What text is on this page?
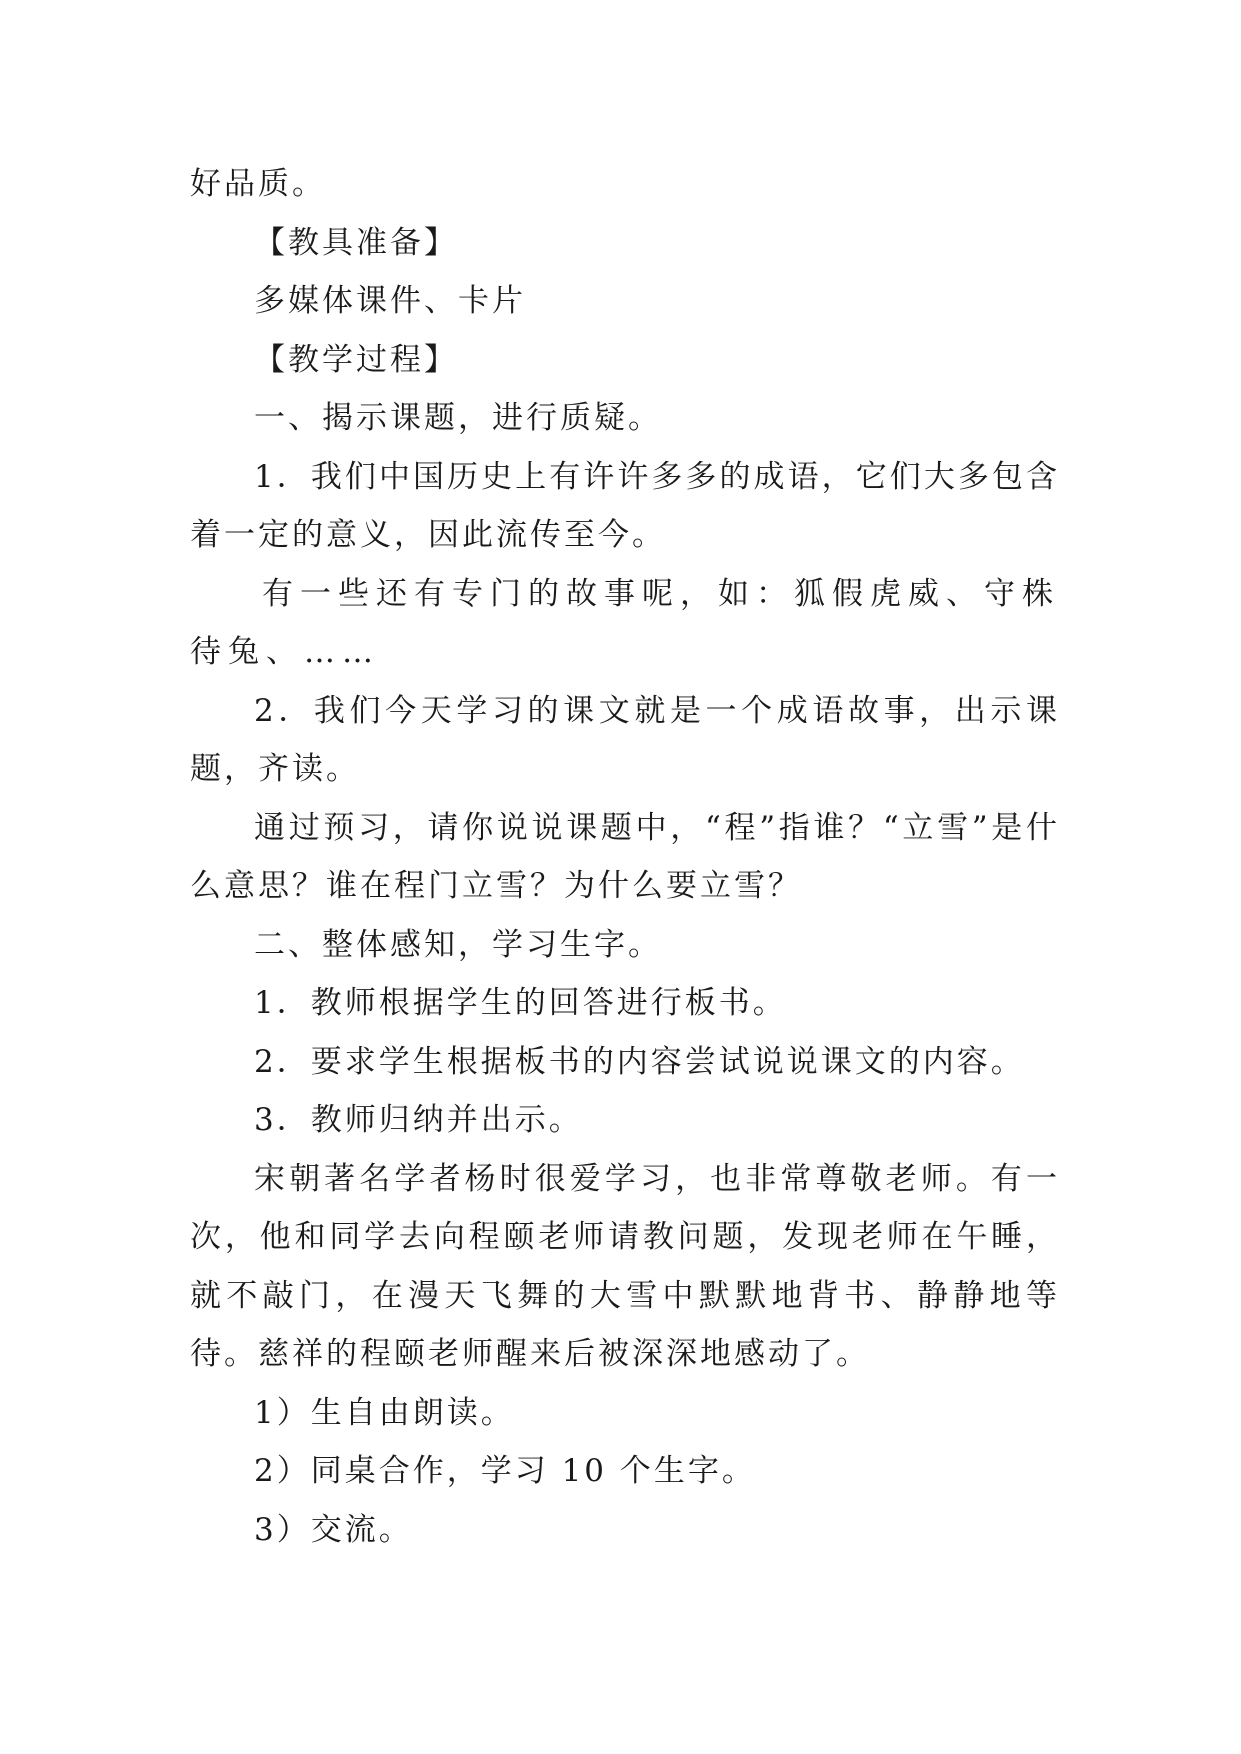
好品质。

【教具准备】

多媒体课件、卡片

【教学过程】

一、揭示课题，进行质疑。

1．我们中国历史上有许许多多的成语，它们大多包含着一定的意义，因此流传至今。

有一些还有专门的故事呢，如：狐假虎威、守株待兔、……

2．我们今天学习的课文就是一个成语故事，出示课题，齐读。

通过预习，请你说说课题中，“程”指谁？“立雪”是什么意思？谁在程门立雪？为什么要立雪？

二、整体感知，学习生字。

1．教师根据学生的回答进行板书。

2．要求学生根据板书的内容尝试说说课文的内容。

3．教师归纳并出示。

宋朝著名学者杨时很爱学习，也非常尊敬老师。有一次，他和同学去向程颐老师请教问题，发现老师在午睡，就不敲门，在漫天飞舞的大雪中默默地背书、静静地等待。慈祥的程颐老师醒来后被深深地感动了。

1）生自由朗读。

2）同桌合作，学习 10 个生字。

3）交流。
